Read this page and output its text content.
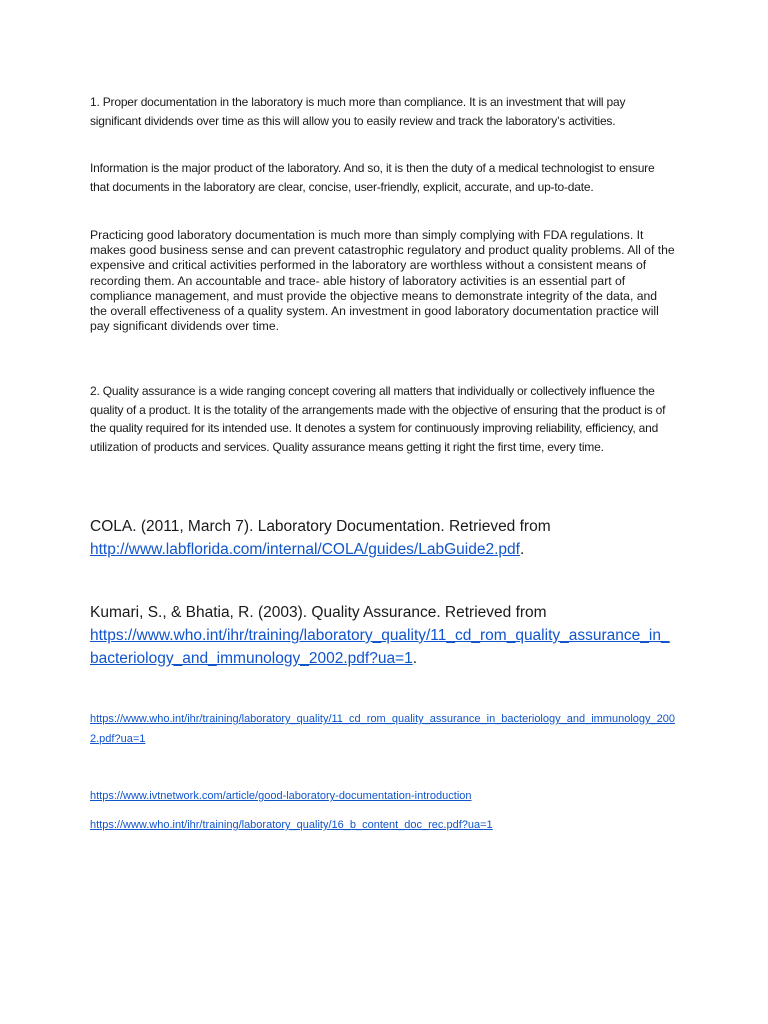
1. Proper documentation in the laboratory is much more than compliance. It is an investment that will pay significant dividends over time as this will allow you to easily review and track the laboratory’s activities.

Information is the major product of the laboratory. And so, it is then the duty of a medical technologist to ensure that documents in the laboratory are clear, concise, user-friendly, explicit, accurate, and up-to-date.

Practicing good laboratory documentation is much more than simply complying with FDA regulations. It makes good business sense and can prevent catastrophic regulatory and product quality problems. All of the expensive and critical activities performed in the laboratory are worthless without a consistent means of recording them. An accountable and trace- able history of laboratory activities is an essential part of compliance management, and must provide the objective means to demonstrate integrity of the data, and the overall effectiveness of a quality system. An investment in good laboratory documentation practice will pay significant dividends over time.

2. Quality assurance is a wide ranging concept covering all matters that individually or collectively influence the quality of a product. It is the totality of the arrangements made with the objective of ensuring that the product is of the quality required for its intended use. It denotes a system for continuously improving reliability, efficiency, and utilization of products and services. Quality assurance means getting it right the first time, every time.

COLA. (2011, March 7). Laboratory Documentation. Retrieved from
http://www.labflorida.com/internal/COLA/guides/LabGuide2.pdf.

Kumari, S., & Bhatia, R. (2003). Quality Assurance. Retrieved from
https://www.who.int/ihr/training/laboratory_quality/11_cd_rom_quality_assurance_in_bacteriology_and_immunology_2002.pdf?ua=1.

https://www.who.int/ihr/training/laboratory_quality/11_cd_rom_quality_assurance_in_bacteriology_and_immunology_2002.pdf?ua=1

https://www.ivtnetwork.com/article/good-laboratory-documentation-introduction

https://www.who.int/ihr/training/laboratory_quality/16_b_content_doc_rec.pdf?ua=1
